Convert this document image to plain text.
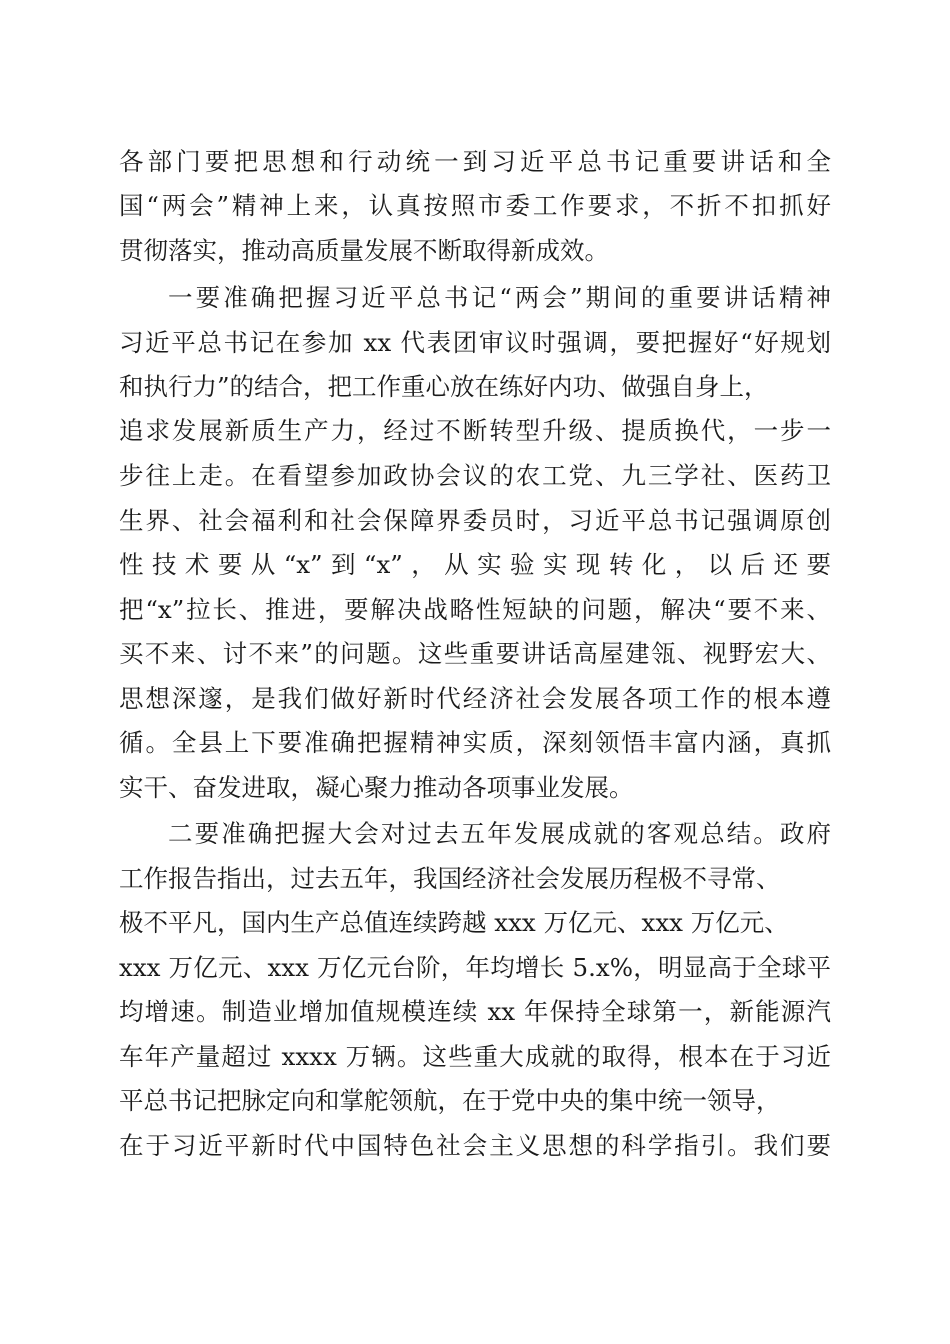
各部门要把思想和行动统一到习近平总书记重要讲话和全
国“两会”精神上来，认真按照市委工作要求，不折不扣抓好
贯彻落实，推动高质量发展不断取得新成效。
一要准确把握习近平总书记“两会”期间的重要讲话精神
习近平总书记在参加 xx 代表团审议时强调，要把握好“好规划
和执行力”的结合，把工作重心放在练好内功、做强自身上，
追求发展新质生产力，经过不断转型升级、提质换代，一步一
步往上走。在看望参加政协会议的农工党、九三学社、医药卫
生界、社会福利和社会保障界委员时，习近平总书记强调原创
性技术要从“x”到“x”，从实验实现转化，以后还要
把“x”拉长、推进，要解决战略性短缺的问题，解决“要不来、
买不来、讨不来”的问题。这些重要讲话高屋建瓴、视野宏大、
思想深邃，是我们做好新时代经济社会发展各项工作的根本遵
循。全县上下要准确把握精神实质，深刻领悟丰富内涵，真抓
实干、奋发进取，凝心聚力推动各项事业发展。
二要准确把握大会对过去五年发展成就的客观总结。政府
工作报告指出，过去五年，我国经济社会发展历程极不寻常、
极不平凡，国内生产总值连续跨越 xxx 万亿元、xxx 万亿元、
xxx 万亿元、xxx 万亿元台阶，年均增长 5.x%，明显高于全球平
均增速。制造业增加值规模连续 xx 年保持全球第一，新能源汽
车年产量超过 xxxx 万辆。这些重大成就的取得，根本在于习近
平总书记把脉定向和掌舵领航，在于党中央的集中统一领导，
在于习近平新时代中国特色社会主义思想的科学指引。我们要
